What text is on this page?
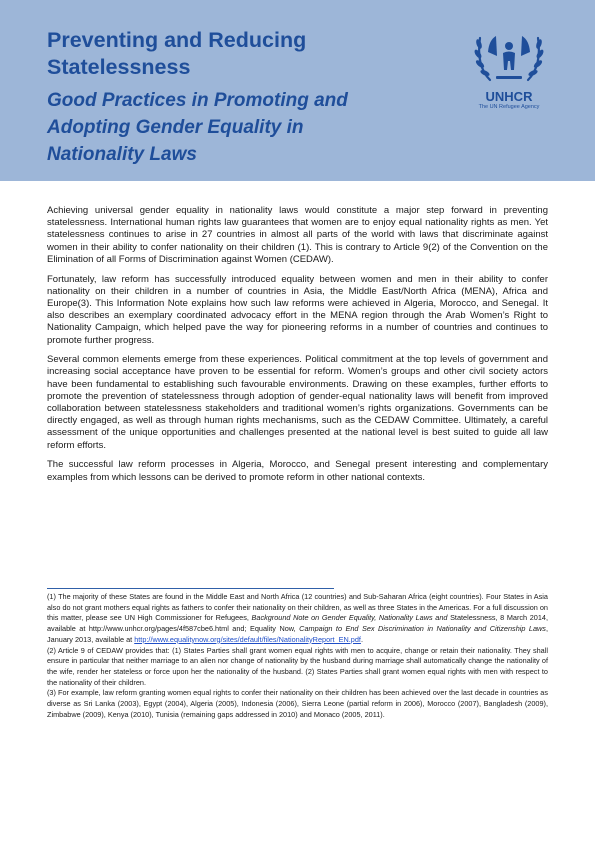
Preventing and Reducing
Statelessness
Good Practices in Promoting and
Adopting Gender Equality in
Nationality Laws
UNHCR
The UN Refugee Agency

Achieving universal gender equality in nationality laws would constitute a major step forward in preventing statelessness. International human rights law guarantees that women are to enjoy equal nationality rights as men. Yet statelessness continues to arise in 27 countries in almost all parts of the world with laws that discriminate against women in their ability to confer nationality on their children (1). This is contrary to Article 9(2) of the Convention on the Elimination of all Forms of Discrimination against Women (CEDAW).

Fortunately, law reform has successfully introduced equality between women and men in their ability to confer nationality on their children in a number of countries in Asia, the Middle East/North Africa (MENA), Africa and Europe(3). This Information Note explains how such law reforms were achieved in Algeria, Morocco, and Senegal. It also describes an exemplary coordinated advocacy effort in the MENA region through the Arab Women’s Right to Nationality Campaign, which helped pave the way for pioneering reforms in a number of countries and continues to promote further progress.

Several common elements emerge from these experiences. Political commitment at the top levels of government and increasing social acceptance have proven to be essential for reform. Women’s groups and other civil society actors have been fundamental to establishing such favourable environments. Drawing on these examples, further efforts to promote the prevention of statelessness through adoption of gender-equal nationality laws will benefit from improved collaboration between statelessness stakeholders and traditional women’s rights organizations. Governments can be directly engaged, as well as through human rights mechanisms, such as the CEDAW Committee. Ultimately, a careful assessment of the unique opportunities and challenges presented at the national level is best suited to guide all law reform efforts.

The successful law reform processes in Algeria, Morocco, and Senegal present interesting and complementary examples from which lessons can be derived to promote reform in other national contexts.

(1) The majority of these States are found in the Middle East and North Africa (12 countries) and Sub-Saharan Africa (eight countries). Four States in Asia also do not grant mothers equal rights as fathers to confer their nationality on their children, as well as three States in the Americas. For a full discussion on this matter, please see UN High Commissioner for Refugees, Background Note on Gender Equality, Nationality Laws and Statelessness, 8 March 2014, available at http://www.unhcr.org/pages/4f587cbe6.html and; Equality Now, Campaign to End Sex Discrimination in Nationality and Citizenship Laws, January 2013, available at http://www.equalitynow.org/sites/default/files/NationalityReport_EN.pdf.

(2) Article 9 of CEDAW provides that: (1) States Parties shall grant women equal rights with men to acquire, change or retain their nationality. They shall ensure in particular that neither marriage to an alien nor change of nationality by the husband during marriage shall automatically change the nationality of the wife, render her stateless or force upon her the nationality of the husband. (2) States Parties shall grant women equal rights with men with respect to the nationality of their children.

(3) For example, law reform granting women equal rights to confer their nationality on their children has been achieved over the last decade in countries as diverse as Sri Lanka (2003), Egypt (2004), Algeria (2005), Indonesia (2006), Sierra Leone (partial reform in 2006), Morocco (2007), Bangladesh (2009), Zimbabwe (2009), Kenya (2010), Tunisia (remaining gaps addressed in 2010) and Monaco (2005, 2011).
